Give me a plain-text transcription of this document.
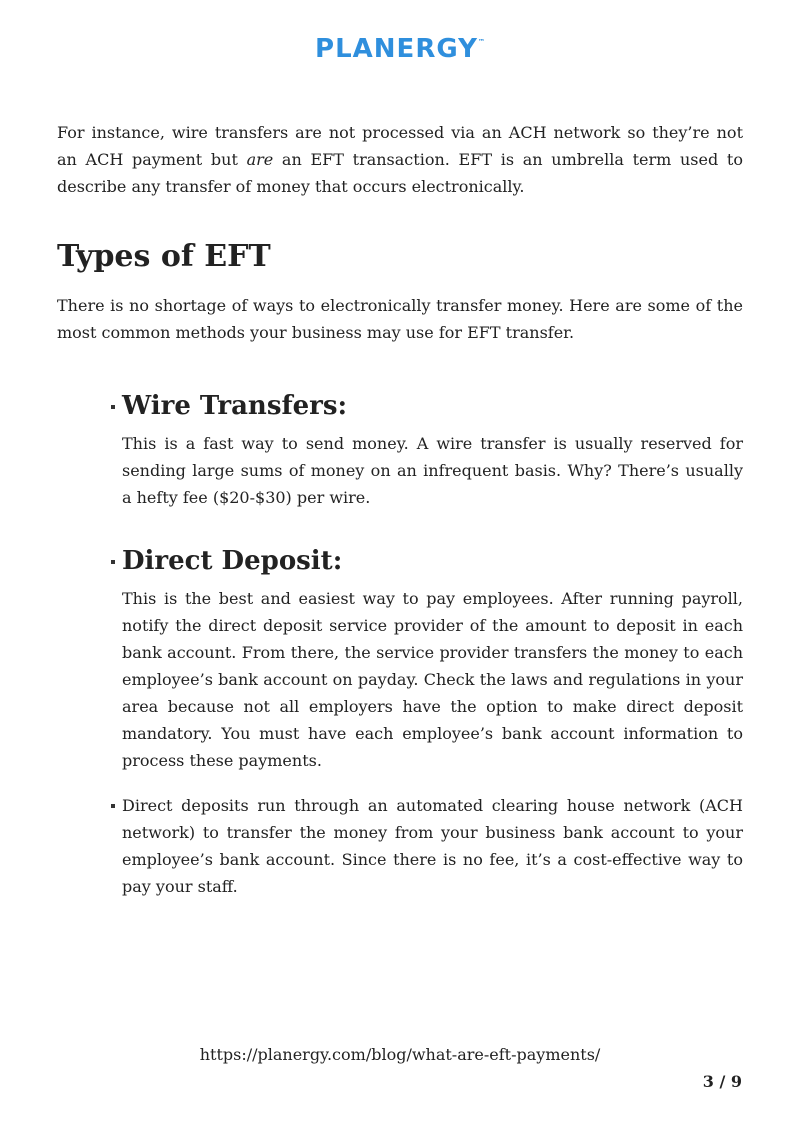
PLANERGY™

For instance, wire transfers are not processed via an ACH network so they’re not an ACH payment but are an EFT transaction. EFT is an umbrella term used to describe any transfer of money that occurs electronically.

Types of EFT

There is no shortage of ways to electronically transfer money. Here are some of the most common methods your business may use for EFT transfer.

Wire Transfers:

This is a fast way to send money. A wire transfer is usually reserved for sending large sums of money on an infrequent basis. Why? There’s usually a hefty fee ($20-$30) per wire.

Direct Deposit:

This is the best and easiest way to pay employees. After running payroll, notify the direct deposit service provider of the amount to deposit in each bank account. From there, the service provider transfers the money to each employee’s bank account on payday. Check the laws and regulations in your area because not all employers have the option to make direct deposit mandatory. You must have each employee’s bank account information to process these payments.

Direct deposits run through an automated clearing house network (ACH network) to transfer the money from your business bank account to your employee’s bank account. Since there is no fee, it’s a cost-effective way to pay your staff.

https://planergy.com/blog/what-are-eft-payments/
3 / 9
